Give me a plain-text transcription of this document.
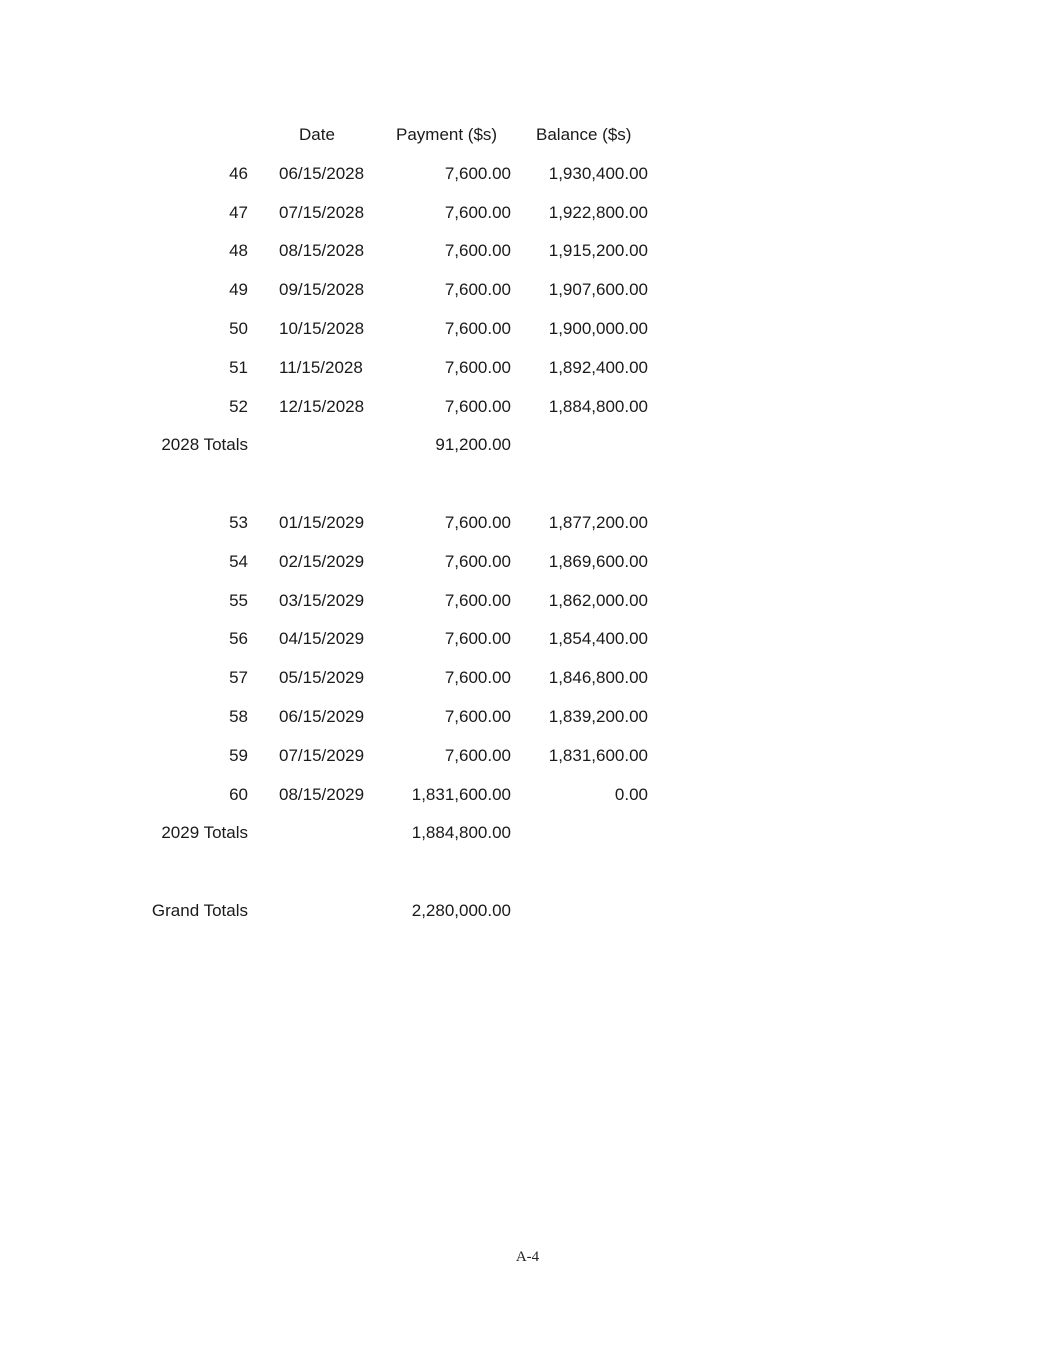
Date	Payment ($s) Balance ($s)
46 06/15/2028	7,600.00 1,930,400.00
47 07/15/2028	7,600.00 1,922,800.00
48 08/15/2028	7,600.00 1,915,200.00
49 09/15/2028	7,600.00 1,907,600.00
50 10/15/2028	7,600.00 1,900,000.00
51 11/15/2028	7,600.00 1,892,400.00
52 12/15/2028	7,600.00 1,884,800.00
2028 Totals	91,200.00
53 01/15/2029	7,600.00 1,877,200.00
54 02/15/2029	7,600.00 1,869,600.00
55 03/15/2029	7,600.00 1,862,000.00
56 04/15/2029	7,600.00 1,854,400.00
57 05/15/2029	7,600.00 1,846,800.00
58 06/15/2029	7,600.00 1,839,200.00
59 07/15/2029	7,600.00 1,831,600.00
60 08/15/2029	1,831,600.00	0.00
2029 Totals	1,884,800.00
Grand Totals	2,280,000.00
A-4
